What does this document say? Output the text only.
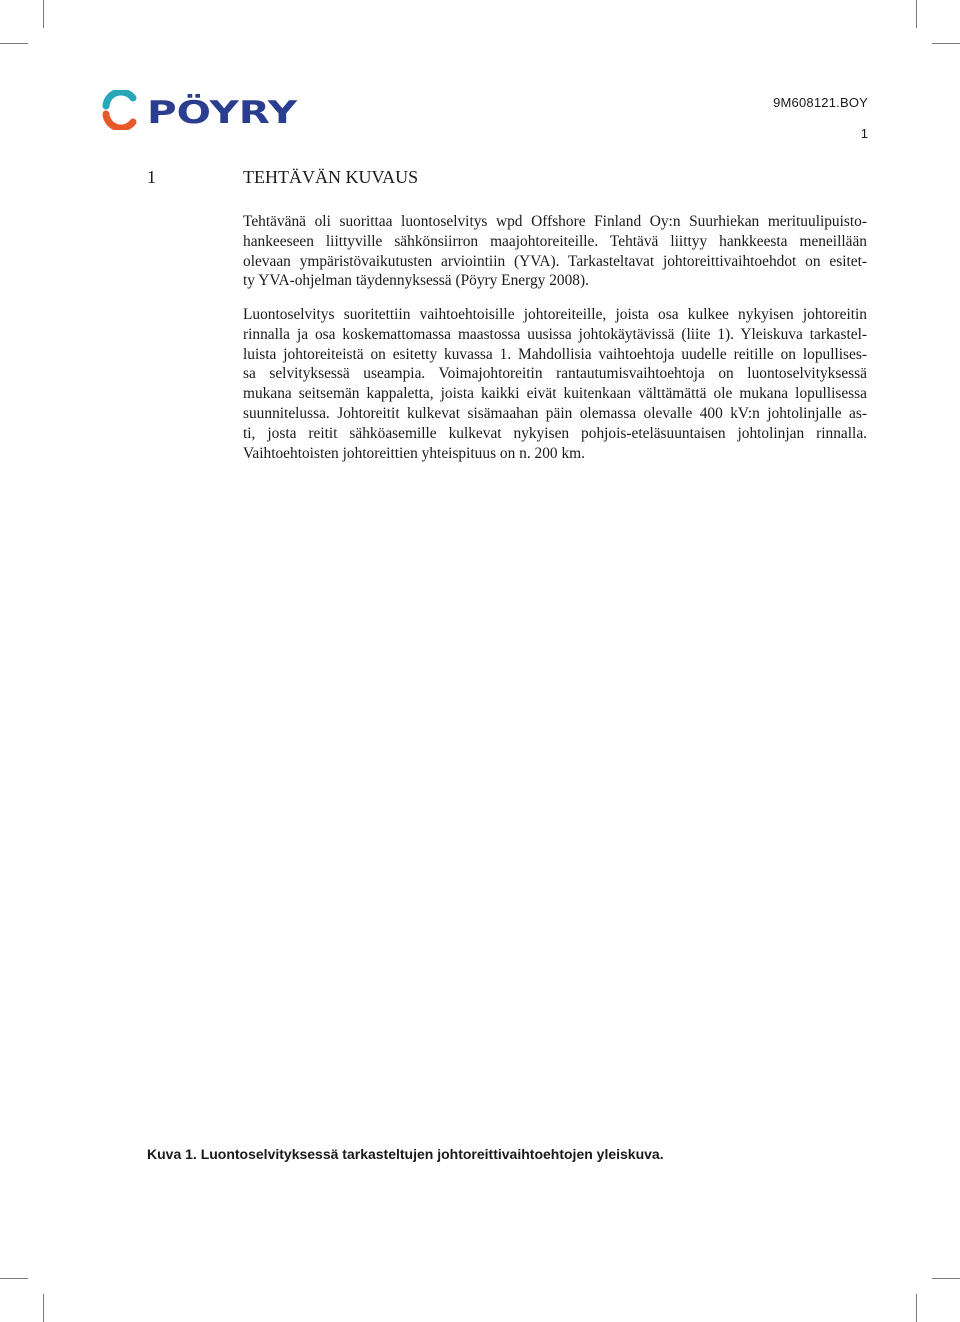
PÖYRY	9M608121.BOY
1
1	TEHTÄVÄN KUVAUS
Tehtävänä oli suorittaa luontoselvitys wpd Offshore Finland Oy:n Suurhiekan merituulipuisto-
hankeeseen liittyville sähkönsiirron maajohtoreiteille. Tehtävä liittyy hankkeesta meneillään
olevaan ympäristövaikutusten arviointiin (YVA). Tarkasteltavat johtoreittivaihtoehdot on esitet-
ty YVA-ohjelman täydennyksessä (Pöyry Energy 2008).
Luontoselvitys suoritettiin vaihtoehtoisille johtoreiteille, joista osa kulkee nykyisen johtoreitin
rinnalla ja osa koskemattomassa maastossa uusissa johtokäytävissä (liite 1). Yleiskuva tarkastel-
luista johtoreiteistä on esitetty kuvassa 1. Mahdollisia vaihtoehtoja uudelle reitille on lopullises-
sa selvityksessä useampia. Voimajohtoreitin rantautumisvaihtoehtoja on luontoselvityksessä
mukana seitsemän kappaletta, joista kaikki eivät kuitenkaan välttämättä ole mukana lopullisessa
suunnitelussa. Johtoreitit kulkevat sisämaahan päin olemassa olevalle 400 kV:n johtolinjalle as-
ti, josta reitit sähköasemille kulkevat nykyisen pohjois-eteläsuuntaisen johtolinjan rinnalla.
Vaihtoehtoisten johtoreittien yhteispituus on n. 200 km.
Kuva 1. Luontoselvityksessä tarkasteltujen johtoreittivaihtoehtojen yleiskuva.
